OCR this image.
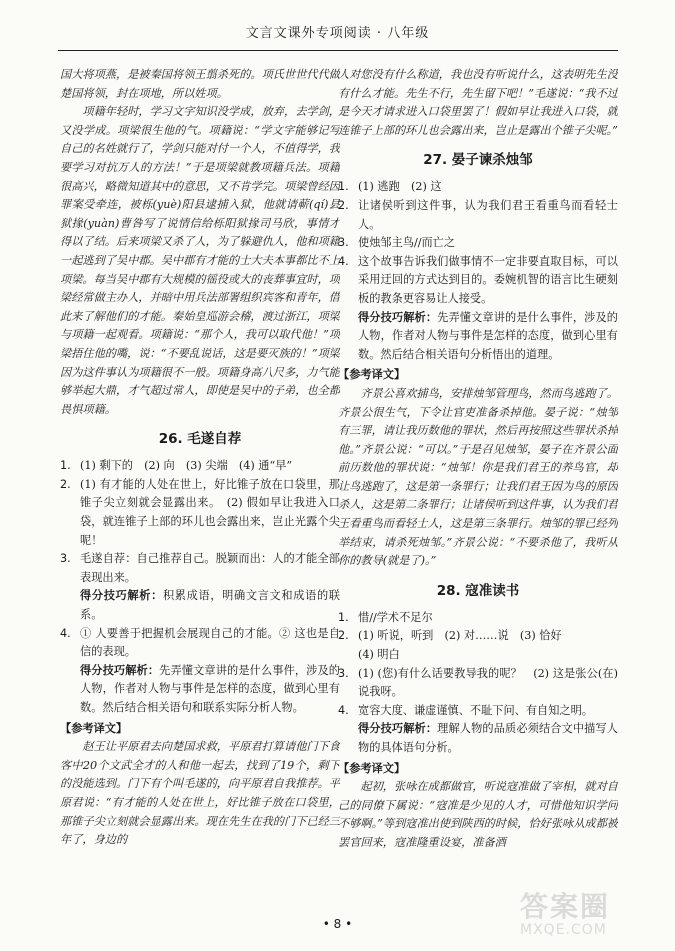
文言文课外专项阅读 · 八年级

国大将项燕，是被秦国将领王翦杀死的。项氏世世代代做楚国将领，封在项地，所以姓项。

项籍年轻时，学习文字知识没学成，放弃，去学剑，又没学成。项梁很生他的气。项籍说：“学文字能够记写自己的名姓就行了，学剑只能对付一个人，不值得学，我要学习对抗万人的方法！”于是项梁就教项籍兵法。项籍很高兴，略微知道其中的意思，又不肯学完。项梁曾经因罪案受牵连，被栎(yuè)阳县逮捕入狱，他就请蕲(qí)县狱掾(yuàn)曹咎写了说情信给栎阳狱掾司马欣，事情才得以了结。后来项梁又杀了人，为了躲避仇人，他和项籍一起逃到了吴中郡。吴中郡有才能的士大夫本事都比不上项梁。每当吴中郡有大规模的徭役或大的丧葬事宜时，项梁经常做主办人，并暗中用兵法部署组织宾客和青年，借此来了解他们的才能。秦始皇巡游会稽，渡过浙江，项梁与项籍一起观看。项籍说：“那个人，我可以取代他！”项梁捂住他的嘴，说：“不要乱说话，这是要灭族的！”项梁因为这件事认为项籍很不一般。项籍身高八尺多，力气能够举起大鼎，才气超过常人，即使是吴中的子弟，也全都畏惧项籍。

26. 毛遂自荐
1. (1) 剩下的　(2) 向　(3) 尖端　(4) 通“早”
2. (1) 有才能的人处在世上，好比锥子放在口袋里，那锥子尖立刻就会显露出来。　(2) 假如早让我进入口袋，就连锥子上部的环儿也会露出来，岂止光露个尖呢！
3. 毛遂自荐：自己推荐自己。脱颖而出：人的才能全部表现出来。
得分技巧解析：积累成语，明确文言文和成语的联系。
4. ① 人要善于把握机会展现自己的才能。② 这也是自信的表现。
得分技巧解析：先弄懂文章讲的是什么事件，涉及的人物，作者对人物与事件是怎样的态度，做到心里有数。然后结合相关语句和联系实际分析人物。
【参考译文】

赵王让平原君去向楚国求救，平原君打算请他门下食客中20个文武全才的人和他一起去，找到了19个，剩下的没能选到。门下有个叫毛遂的，向平原君自我推荐。平原君说：“有才能的人处在世上，好比锥子放在口袋里，那锥子尖立刻就会显露出来。现在先生在我的门下已经三年了，身边的

人对您没有什么称道，我也没有听说什么，这表明先生没有什么才能。先生不行，先生留下吧！”毛遂说：“我不过是今天才请求进入口袋里罢了！假如早让我进入口袋，就连锥子上部的环儿也会露出来，岂止是露出个锥子尖呢。”

27. 晏子谏杀烛邹
1. (1) 逃跑　(2) 这
2. 让诸侯听到这件事，认为我们君王看重鸟而看轻士人。
3. 使烛邹主鸟//而亡之
4. 这个故事告诉我们做事情不一定非要直取目标，可以采用迂回的方式达到目的。委婉机智的语言比生硬刻板的教条更容易让人接受。
得分技巧解析：先弄懂文章讲的是什么事件，涉及的人物，作者对人物与事件是怎样的态度，做到心里有数。然后结合相关语句分析悟出的道理。
【参考译文】

齐景公喜欢捕鸟，安排烛邹管理鸟，然而鸟逃跑了。齐景公很生气，下令让官吏准备杀掉他。晏子说：“烛邹有三罪，请让我历数他的罪状，然后再按照这些罪状杀掉他。”齐景公说：“可以。”于是召见烛邹，晏子在齐景公面前历数他的罪状说：“烛邹！你是我们君王的养鸟官，却让鸟逃跑了，这是第一条罪行；让我们君王因为鸟的原因杀人，这是第二条罪行；让诸侯听到这件事，认为我们君王看重鸟而看轻士人，这是第三条罪行。烛邹的罪已经列举结束，请杀死烛邹。”齐景公说：“不要杀他了，我听从你的教导(就是了)。”

28. 寇准读书
1. 惜//学术不足尔
2. (1) 听说，听到　(2) 对……说　(3) 恰好
(4) 明白
3. (1) (您)有什么话要教导我的呢？　(2) 这是张公(在)说我呀。
4. 宽容大度、谦虚谨慎、不耻下问、有自知之明。
得分技巧解析：理解人物的品质必须结合文中描写人物的具体语句分析。
【参考译文】

起初，张咏在成都做官，听说寇准做了宰相，就对自己的同僚下属说：“寇准是少见的人才，可惜他知识学问不够啊。”等到寇准出使到陕西的时候，恰好张咏从成都被罢官回来，寇准隆重设宴，准备酒

• 8 •
答案圈
MXQE.COM
